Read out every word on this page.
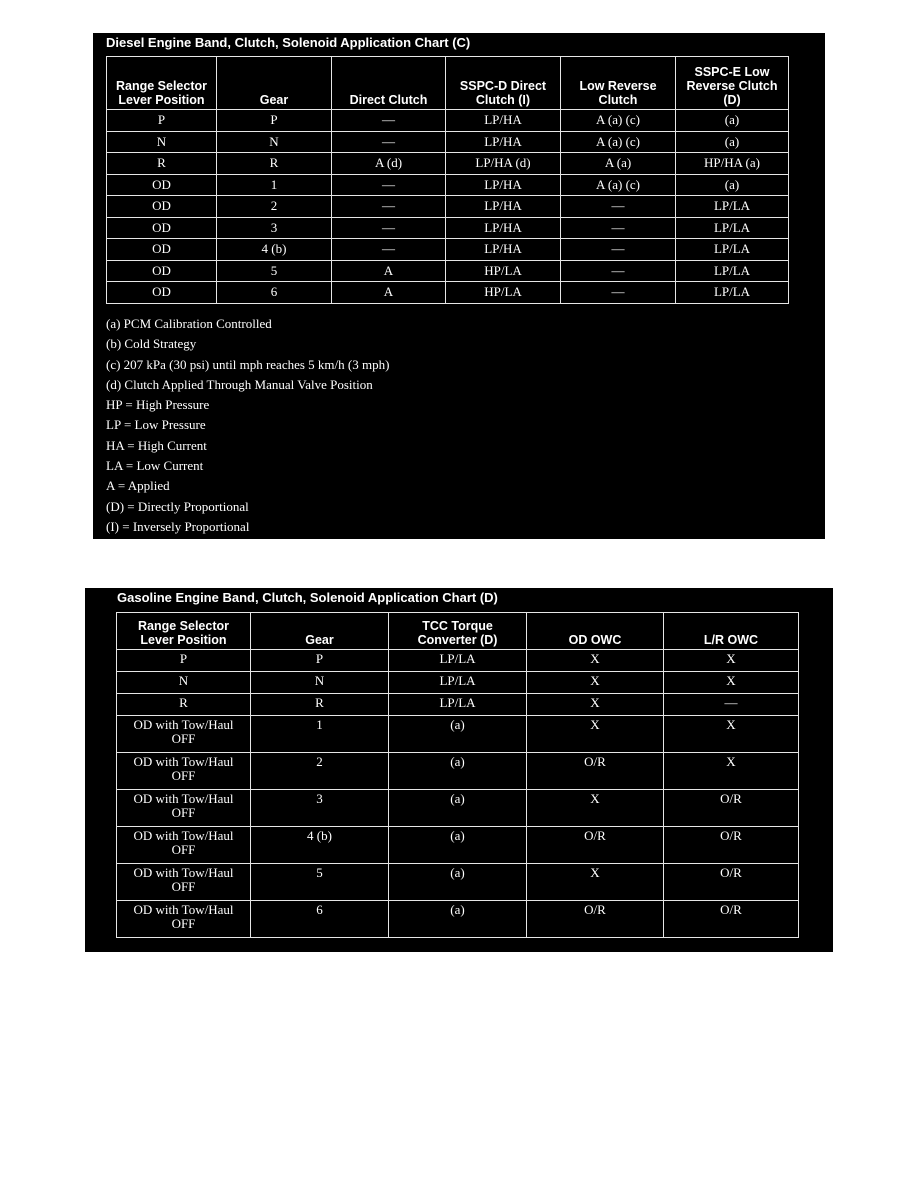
Diesel Engine Band, Clutch, Solenoid Application Chart (C)
Range Selector Lever Position	Gear	Direct Clutch	SSPC-D Direct Clutch (I)	Low Reverse Clutch	SSPC-E Low Reverse Clutch (D)
P	P	—	LP/HA	A (a) (c)	(a)
N	N	—	LP/HA	A (a) (c)	(a)
R	R	A (d)	LP/HA (d)	A (a)	HP/HA (a)
OD	1	—	LP/HA	A (a) (c)	(a)
OD	2	—	LP/HA	—	LP/LA
OD	3	—	LP/HA	—	LP/LA
OD	4 (b)	—	LP/HA	—	LP/LA
OD	5	A	HP/LA	—	LP/LA
OD	6	A	HP/LA	—	LP/LA
(a) PCM Calibration Controlled
(b) Cold Strategy
(c) 207 kPa (30 psi) until mph reaches 5 km/h (3 mph)
(d) Clutch Applied Through Manual Valve Position
HP = High Pressure
LP = Low Pressure
HA = High Current
LA = Low Current
A = Applied
(D) = Directly Proportional
(I) = Inversely Proportional
Gasoline Engine Band, Clutch, Solenoid Application Chart (D)
Range Selector Lever Position	Gear	TCC Torque Converter (D)	OD OWC	L/R OWC
P	P	LP/LA	X	X
N	N	LP/LA	X	X
R	R	LP/LA	X	—
OD with Tow/Haul OFF	1	(a)	X	X
OD with Tow/Haul OFF	2	(a)	O/R	X
OD with Tow/Haul OFF	3	(a)	X	O/R
OD with Tow/Haul OFF	4 (b)	(a)	O/R	O/R
OD with Tow/Haul OFF	5	(a)	X	O/R
OD with Tow/Haul OFF	6	(a)	O/R	O/R
